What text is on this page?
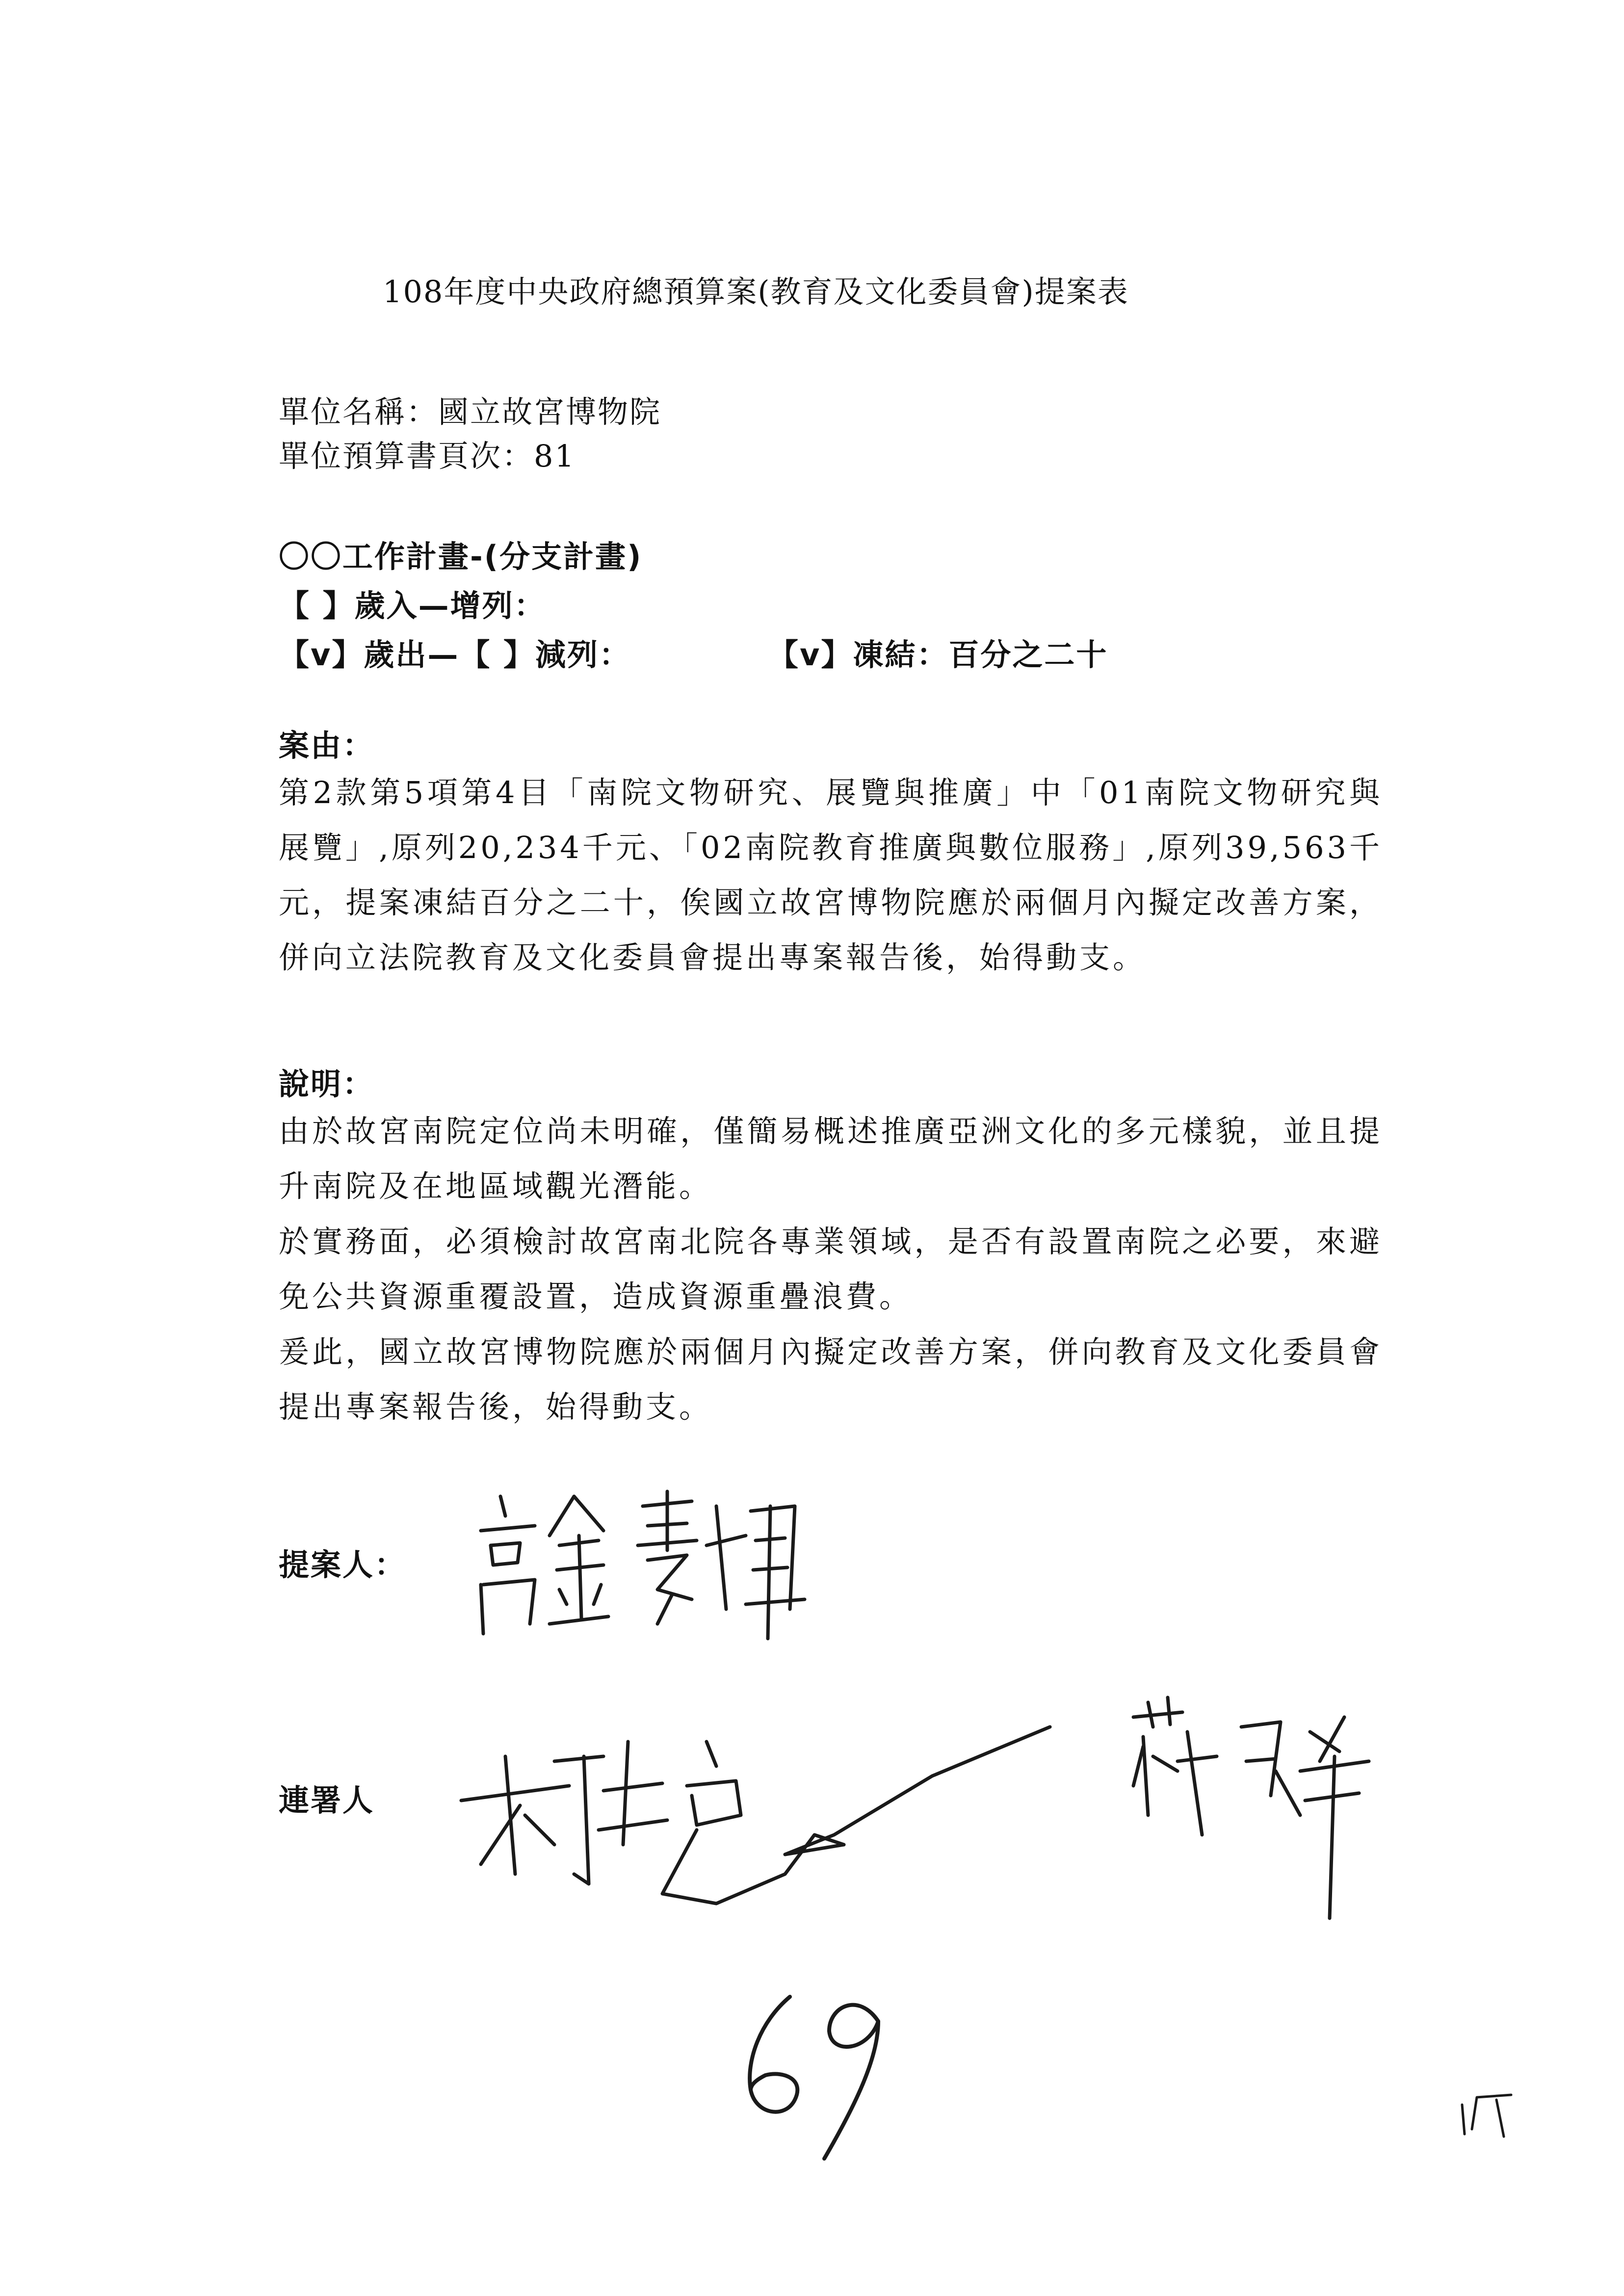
108年度中央政府總預算案(教育及文化委員會)提案表
單位名稱：國立故宮博物院
單位預算書頁次：81
〇〇工作計畫-(分支計畫)
【 】歲入—增列：
【v】歲出—【 】減列：	【v】凍結：百分之二十
案由：
第2款第5項第4目「南院文物研究、展覽與推廣」中「01南院文物研究與展覽」,原列20,234千元、「02南院教育推廣與數位服務」,原列39,563千元，提案凍結百分之二十，俟國立故宮博物院應於兩個月內擬定改善方案，併向立法院教育及文化委員會提出專案報告後，始得動支。
說明：
由於故宮南院定位尚未明確，僅簡易概述推廣亞洲文化的多元樣貌，並且提升南院及在地區域觀光潛能。
於實務面，必須檢討故宮南北院各專業領域，是否有設置南院之必要，來避免公共資源重覆設置，造成資源重疊浪費。
爰此，國立故宮博物院應於兩個月內擬定改善方案，併向教育及文化委員會提出專案報告後，始得動支。
提案人：
連署人
